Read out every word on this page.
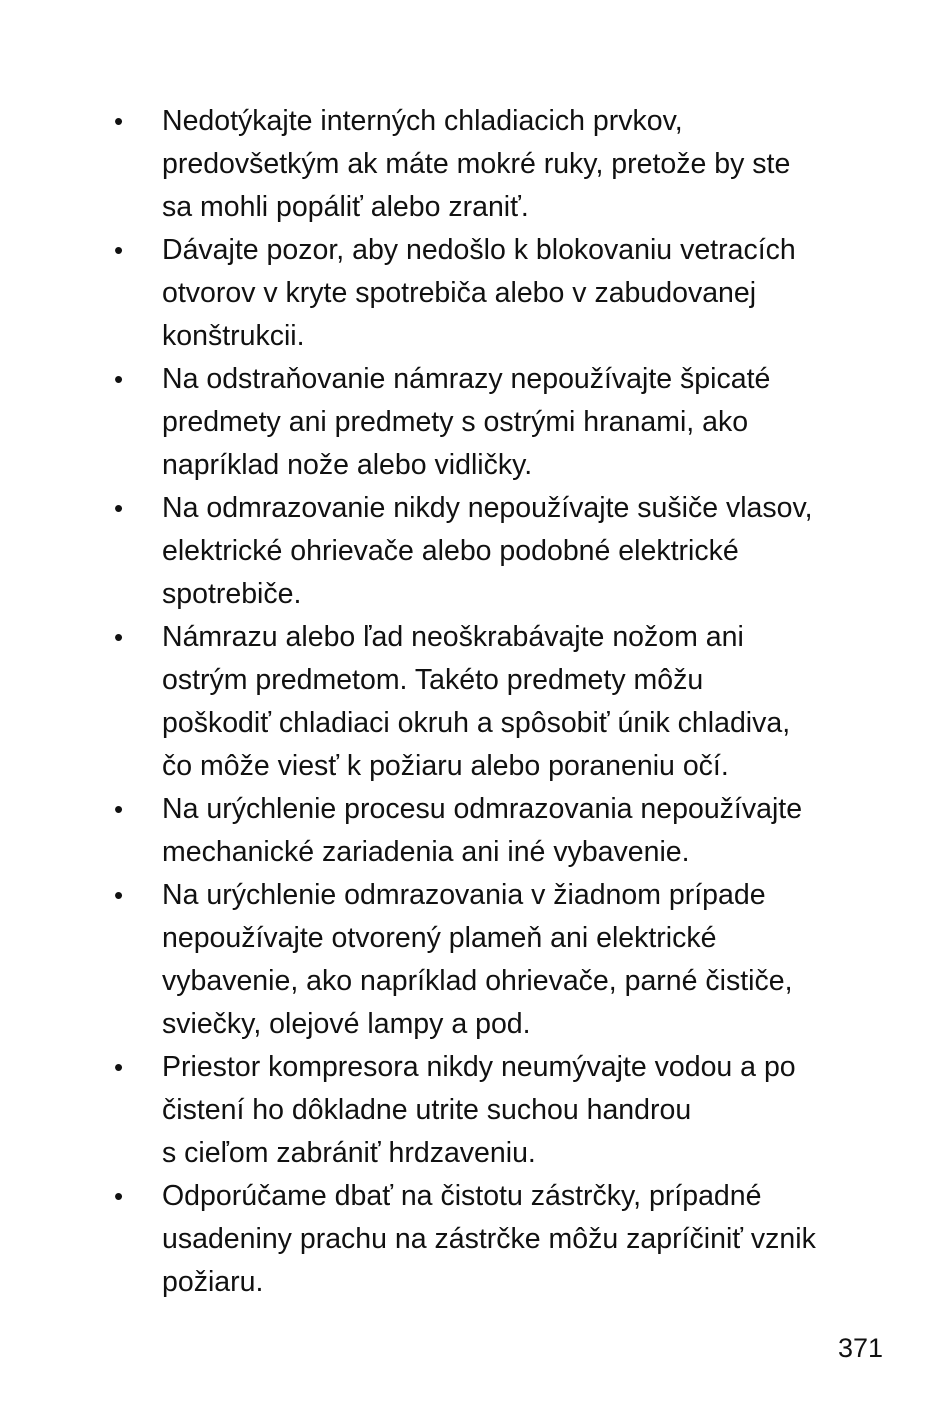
•	Nedotýkajte interných chladiacich prvkov,
predovšetkým ak máte mokré ruky, pretože by ste
sa mohli popáliť alebo zraniť.

•	Dávajte pozor, aby nedošlo k blokovaniu vetracích
otvorov v kryte spotrebiča alebo v zabudovanej
konštrukcii.

•	Na odstraňovanie námrazy nepoužívajte špicaté
predmety ani predmety s ostrými hranami, ako
napríklad nože alebo vidličky.

•	Na odmrazovanie nikdy nepoužívajte sušiče vlasov,
elektrické ohrievače alebo podobné elektrické
spotrebiče.

•	Námrazu alebo ľad neoškrabávajte nožom ani
ostrým predmetom. Takéto predmety môžu
poškodiť chladiaci okruh a spôsobiť únik chladiva,
čo môže viesť k požiaru alebo poraneniu očí.

•	Na urýchlenie procesu odmrazovania nepoužívajte
mechanické zariadenia ani iné vybavenie.

•	Na urýchlenie odmrazovania v žiadnom prípade
nepoužívajte otvorený plameň ani elektrické
vybavenie, ako napríklad ohrievače, parné čističe,
sviečky, olejové lampy a pod.

•	Priestor kompresora nikdy neumývajte vodou a po
čistení ho dôkladne utrite suchou handrou
s cieľom zabrániť hrdzaveniu.

•	Odporúčame dbať na čistotu zástrčky, prípadné
usadeniny prachu na zástrčke môžu zapríčiniť vznik
požiaru.

371
